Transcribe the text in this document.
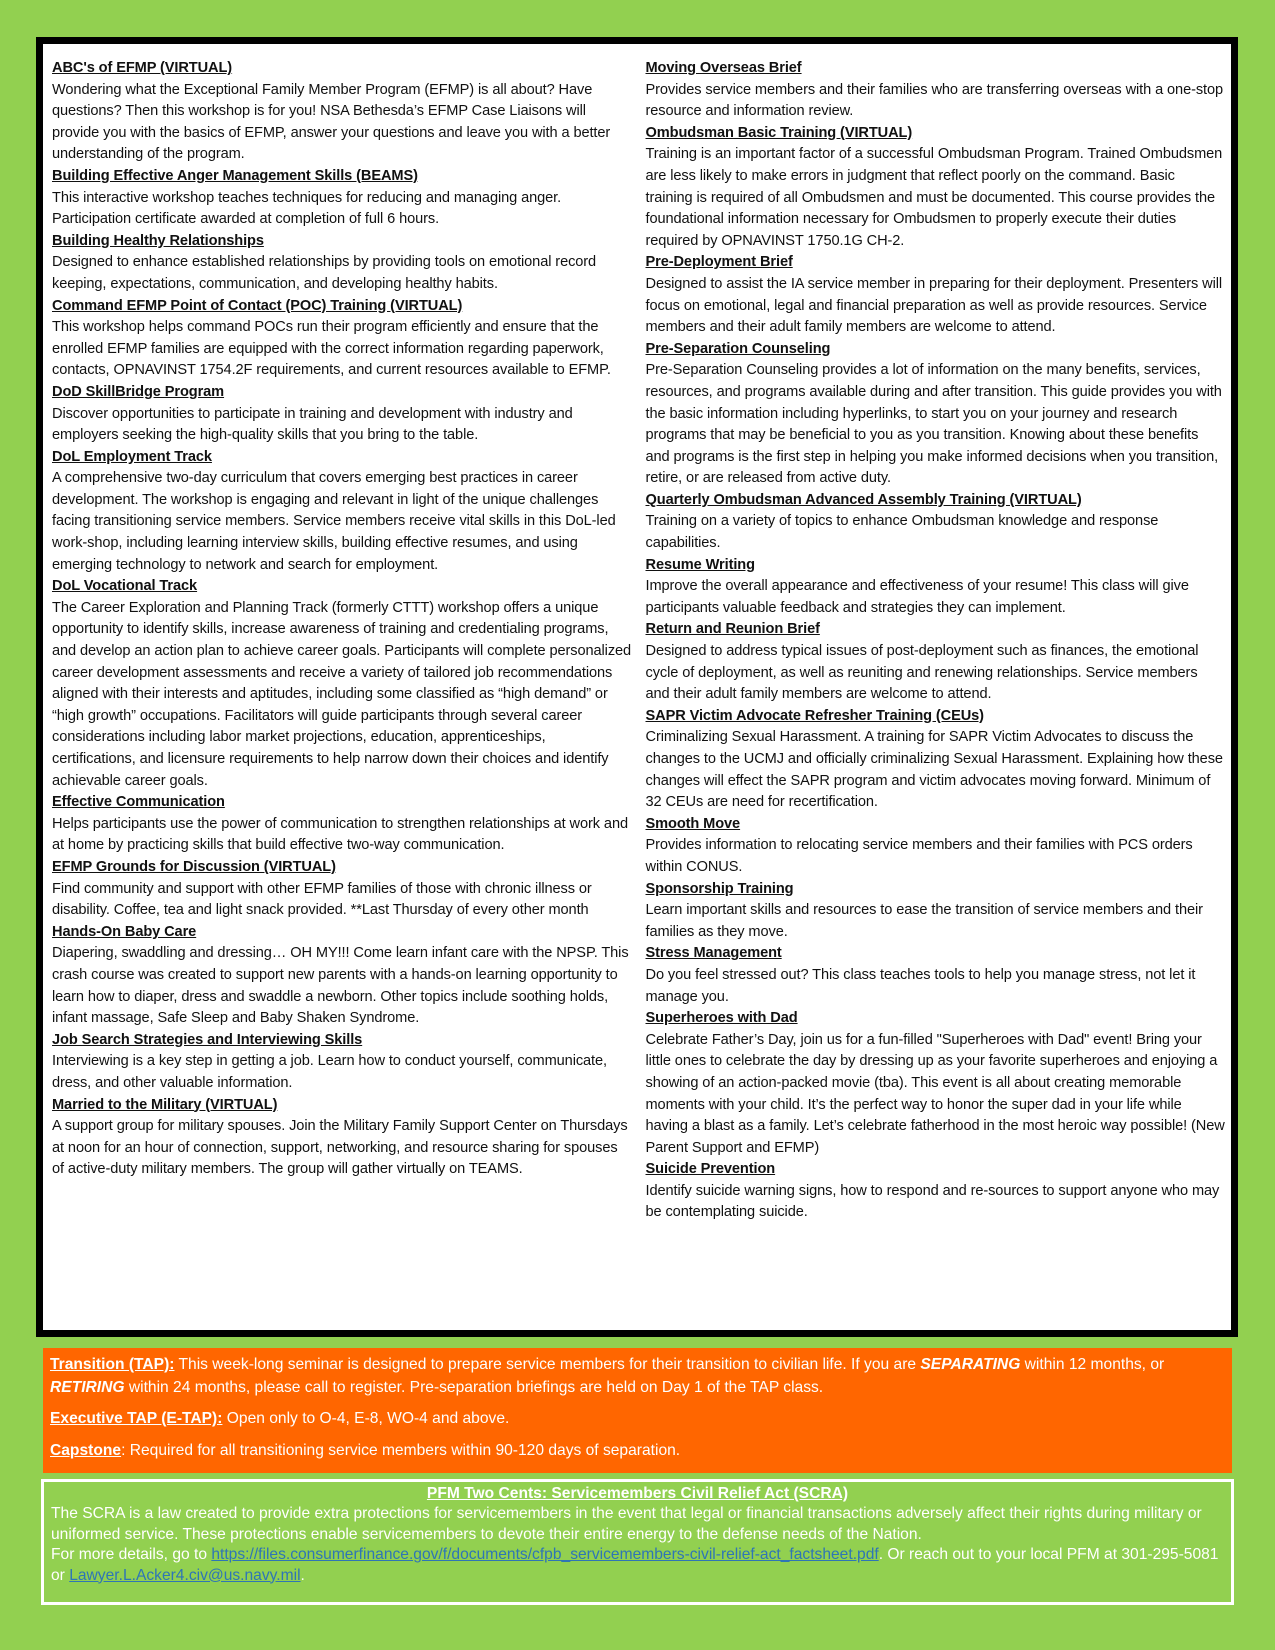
ABC's of EFMP (VIRTUAL)
Wondering what the Exceptional Family Member Program (EFMP) is all about? Have questions? Then this workshop is for you! NSA Bethesda’s EFMP Case Liaisons will provide you with the basics of EFMP, answer your questions and leave you with a better understanding of the program.
Building Effective Anger Management Skills (BEAMS)
This interactive workshop teaches techniques for reducing and managing anger. Participation certificate awarded at completion of full 6 hours.
Building Healthy Relationships
Designed to enhance established relationships by providing tools on emotional record keeping, expectations, communication, and developing healthy habits.
Command EFMP Point of Contact (POC) Training (VIRTUAL)
This workshop helps command POCs run their program efficiently and ensure that the enrolled EFMP families are equipped with the correct information regarding paperwork, contacts, OPNAVINST 1754.2F requirements, and current resources available to EFMP.
DoD SkillBridge Program
Discover opportunities to participate in training and development with industry and employers seeking the high-quality skills that you bring to the table.
DoL Employment Track
A comprehensive two-day curriculum that covers emerging best practices in career development. The workshop is engaging and relevant in light of the unique challenges facing transitioning service members. Service members receive vital skills in this DoL-led work-shop, including learning interview skills, building effective resumes, and using emerging technology to network and search for employment.
DoL Vocational Track
The Career Exploration and Planning Track (formerly CTTT) workshop offers a unique opportunity to identify skills, increase awareness of training and credentialing programs, and develop an action plan to achieve career goals. Participants will complete personalized career development assessments and receive a variety of tailored job recommendations aligned with their interests and aptitudes, including some classified as “high demand” or “high growth” occupations. Facilitators will guide participants through several career considerations including labor market projections, education, apprenticeships, certifications, and licensure requirements to help narrow down their choices and identify achievable career goals.
Effective Communication
Helps participants use the power of communication to strengthen relationships at work and at home by practicing skills that build effective two-way communication.
EFMP Grounds for Discussion (VIRTUAL)
Find community and support with other EFMP families of those with chronic illness or disability. Coffee, tea and light snack provided. **Last Thursday of every other month
Hands-On Baby Care
Diapering, swaddling and dressing… OH MY!!! Come learn infant care with the NPSP. This crash course was created to support new parents with a hands-on learning opportunity to learn how to diaper, dress and swaddle a newborn. Other topics include soothing holds, infant massage, Safe Sleep and Baby Shaken Syndrome.
Job Search Strategies and Interviewing Skills
Interviewing is a key step in getting a job. Learn how to conduct yourself, communicate, dress, and other valuable information.
Married to the Military (VIRTUAL)
A support group for military spouses. Join the Military Family Support Center on Thursdays at noon for an hour of connection, support, networking, and resource sharing for spouses of active-duty military members. The group will gather virtually on TEAMS.
Moving Overseas Brief
Provides service members and their families who are transferring overseas with a one-stop resource and information review.
Ombudsman Basic Training (VIRTUAL)
Training is an important factor of a successful Ombudsman Program. Trained Ombudsmen are less likely to make errors in judgment that reflect poorly on the command. Basic training is required of all Ombudsmen and must be documented. This course provides the foundational information necessary for Ombudsmen to properly execute their duties required by OPNAVINST 1750.1G CH-2.
Pre-Deployment Brief
Designed to assist the IA service member in preparing for their deployment. Presenters will focus on emotional, legal and financial preparation as well as provide resources. Service members and their adult family members are welcome to attend.
Pre-Separation Counseling
Pre-Separation Counseling provides a lot of information on the many benefits, services, resources, and programs available during and after transition. This guide provides you with the basic information including hyperlinks, to start you on your journey and research programs that may be beneficial to you as you transition. Knowing about these benefits and programs is the first step in helping you make informed decisions when you transition, retire, or are released from active duty.
Quarterly Ombudsman Advanced Assembly Training (VIRTUAL)
Training on a variety of topics to enhance Ombudsman knowledge and response capabilities.
Resume Writing
Improve the overall appearance and effectiveness of your resume! This class will give participants valuable feedback and strategies they can implement.
Return and Reunion Brief
Designed to address typical issues of post-deployment such as finances, the emotional cycle of deployment, as well as reuniting and renewing relationships. Service members and their adult family members are welcome to attend.
SAPR Victim Advocate Refresher Training (CEUs)
Criminalizing Sexual Harassment. A training for SAPR Victim Advocates to discuss the changes to the UCMJ and officially criminalizing Sexual Harassment. Explaining how these changes will effect the SAPR program and victim advocates moving forward. Minimum of 32 CEUs are need for recertification.
Smooth Move
Provides information to relocating service members and their families with PCS orders within CONUS.
Sponsorship Training
Learn important skills and resources to ease the transition of service members and their families as they move.
Stress Management
Do you feel stressed out? This class teaches tools to help you manage stress, not let it manage you.
Superheroes with Dad
Celebrate Father’s Day, join us for a fun-filled "Superheroes with Dad" event! Bring your little ones to celebrate the day by dressing up as your favorite superheroes and enjoying a showing of an action-packed movie (tba). This event is all about creating memorable moments with your child. It’s the perfect way to honor the super dad in your life while having a blast as a family. Let’s celebrate fatherhood in the most heroic way possible! (New Parent Support and EFMP)
Suicide Prevention
Identify suicide warning signs, how to respond and re-sources to support anyone who may be contemplating suicide.

Transition (TAP): This week-long seminar is designed to prepare service members for their transition to civilian life. If you are SEPARATING within 12 months, or RETIRING within 24 months, please call to register. Pre-separation briefings are held on Day 1 of the TAP class.

Executive TAP (E-TAP): Open only to O-4, E-8, WO-4 and above.

Capstone: Required for all transitioning service members within 90-120 days of separation.

PFM Two Cents: Servicemembers Civil Relief Act (SCRA)
The SCRA is a law created to provide extra protections for servicemembers in the event that legal or financial transactions adversely affect their rights during military or uniformed service. These protections enable servicemembers to devote their entire energy to the defense needs of the Nation.
For more details, go to https://files.consumerfinance.gov/f/documents/cfpb_servicemembers-civil-relief-act_factsheet.pdf. Or reach out to your local PFM at 301-295-5081 or Lawyer.L.Acker4.civ@us.navy.mil.
